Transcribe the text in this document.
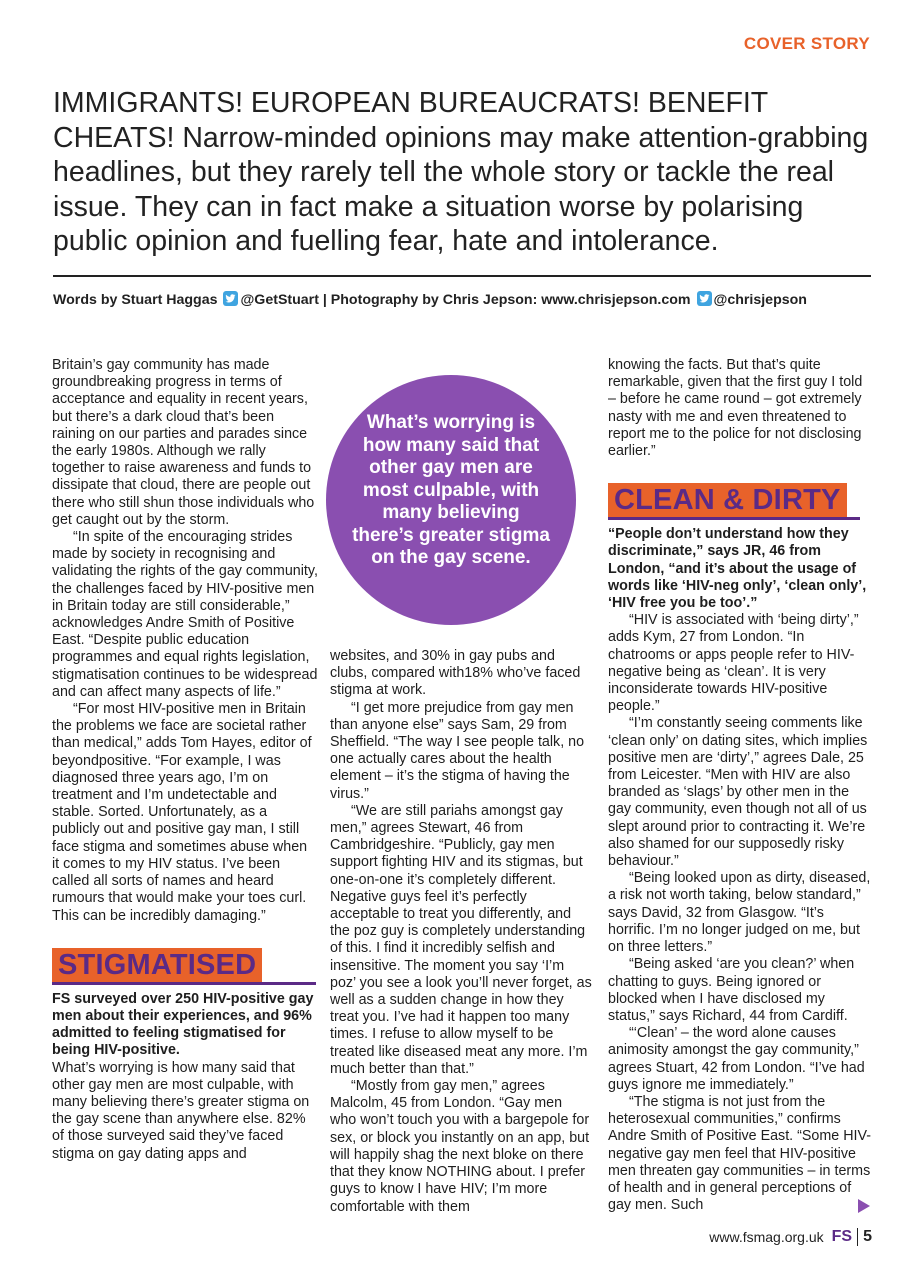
COVER STORY
IMMIGRANTS! EUROPEAN BUREAUCRATS! BENEFIT CHEATS! Narrow-minded opinions may make attention-grabbing headlines, but they rarely tell the whole story or tackle the real issue. They can in fact make a situation worse by polarising public opinion and fuelling fear, hate and intolerance.
Words by Stuart Haggas @GetStuart | Photography by Chris Jepson: www.chrisjepson.com @chrisjepson

Britain’s gay community has made groundbreaking progress in terms of acceptance and equality in recent years, but there’s a dark cloud that’s been raining on our parties and parades since the early 1980s. Although we rally together to raise awareness and funds to dissipate that cloud, there are people out there who still shun those individuals who get caught out by the storm.

“In spite of the encouraging strides made by society in recognising and validating the rights of the gay community, the challenges faced by HIV-positive men in Britain today are still considerable,” acknowledges Andre Smith of Positive East. “Despite public education programmes and equal rights legislation, stigmatisation continues to be widespread and can affect many aspects of life.”

“For most HIV-positive men in Britain the problems we face are societal rather than medical,” adds Tom Hayes, editor of beyondpositive. “For example, I was diagnosed three years ago, I’m on treatment and I’m undetectable and stable. Sorted. Unfortunately, as a publicly out and positive gay man, I still face stigma and sometimes abuse when it comes to my HIV status. I’ve been called all sorts of names and heard rumours that would make your toes curl. This can be incredibly damaging.”

STIGMATISED

FS surveyed over 250 HIV-positive gay men about their experiences, and 96% admitted to feeling stigmatised for being HIV-positive.

What’s worrying is how many said that other gay men are most culpable, with many believing there’s greater stigma on the gay scene than anywhere else. 82% of those surveyed said they’ve faced stigma on gay dating apps and

What’s worrying is how many said that other gay men are most culpable, with many believing there’s greater stigma on the gay scene.

websites, and 30% in gay pubs and clubs, compared with18% who’ve faced stigma at work.

“I get more prejudice from gay men than anyone else” says Sam, 29 from Sheffield. “The way I see people talk, no one actually cares about the health element – it’s the stigma of having the virus.”

“We are still pariahs amongst gay men,” agrees Stewart, 46 from Cambridgeshire. “Publicly, gay men support fighting HIV and its stigmas, but one-on-one it’s completely different. Negative guys feel it’s perfectly acceptable to treat you differently, and the poz guy is completely understanding of this. I find it incredibly selfish and insensitive. The moment you say ‘I’m poz’ you see a look you’ll never forget, as well as a sudden change in how they treat you. I’ve had it happen too many times. I refuse to allow myself to be treated like diseased meat any more. I’m much better than that.”

“Mostly from gay men,” agrees Malcolm, 45 from London. “Gay men who won’t touch you with a bargepole for sex, or block you instantly on an app, but will happily shag the next bloke on there that they know NOTHING about. I prefer guys to know I have HIV; I’m more comfortable with them

knowing the facts. But that’s quite remarkable, given that the first guy I told – before he came round – got extremely nasty with me and even threatened to report me to the police for not disclosing earlier.”

CLEAN & DIRTY

“People don’t understand how they discriminate,” says JR, 46 from London, “and it’s about the usage of words like ‘HIV-neg only’, ‘clean only’, ‘HIV free you be too’.”

“HIV is associated with ‘being dirty’,” adds Kym, 27 from London. “In chatrooms or apps people refer to HIV-negative being as ‘clean’. It is very inconsiderate towards HIV-positive people.”

“I’m constantly seeing comments like ‘clean only’ on dating sites, which implies positive men are ‘dirty’,” agrees Dale, 25 from Leicester. “Men with HIV are also branded as ‘slags’ by other men in the gay community, even though not all of us slept around prior to contracting it. We’re also shamed for our supposedly risky behaviour.”

“Being looked upon as dirty, diseased, a risk not worth taking, below standard,” says David, 32 from Glasgow. “It’s horrific. I’m no longer judged on me, but on three letters.”

“Being asked ‘are you clean?’ when chatting to guys. Being ignored or blocked when I have disclosed my status,” says Richard, 44 from Cardiff.

“‘Clean’ – the word alone causes animosity amongst the gay community,” agrees Stuart, 42 from London. “I’ve had guys ignore me immediately.”

“The stigma is not just from the heterosexual communities,” confirms Andre Smith of Positive East. “Some HIV-negative gay men feel that HIV-positive men threaten gay communities – in terms of health and in general perceptions of gay men. Such

www.fsmag.org.uk FS 5
